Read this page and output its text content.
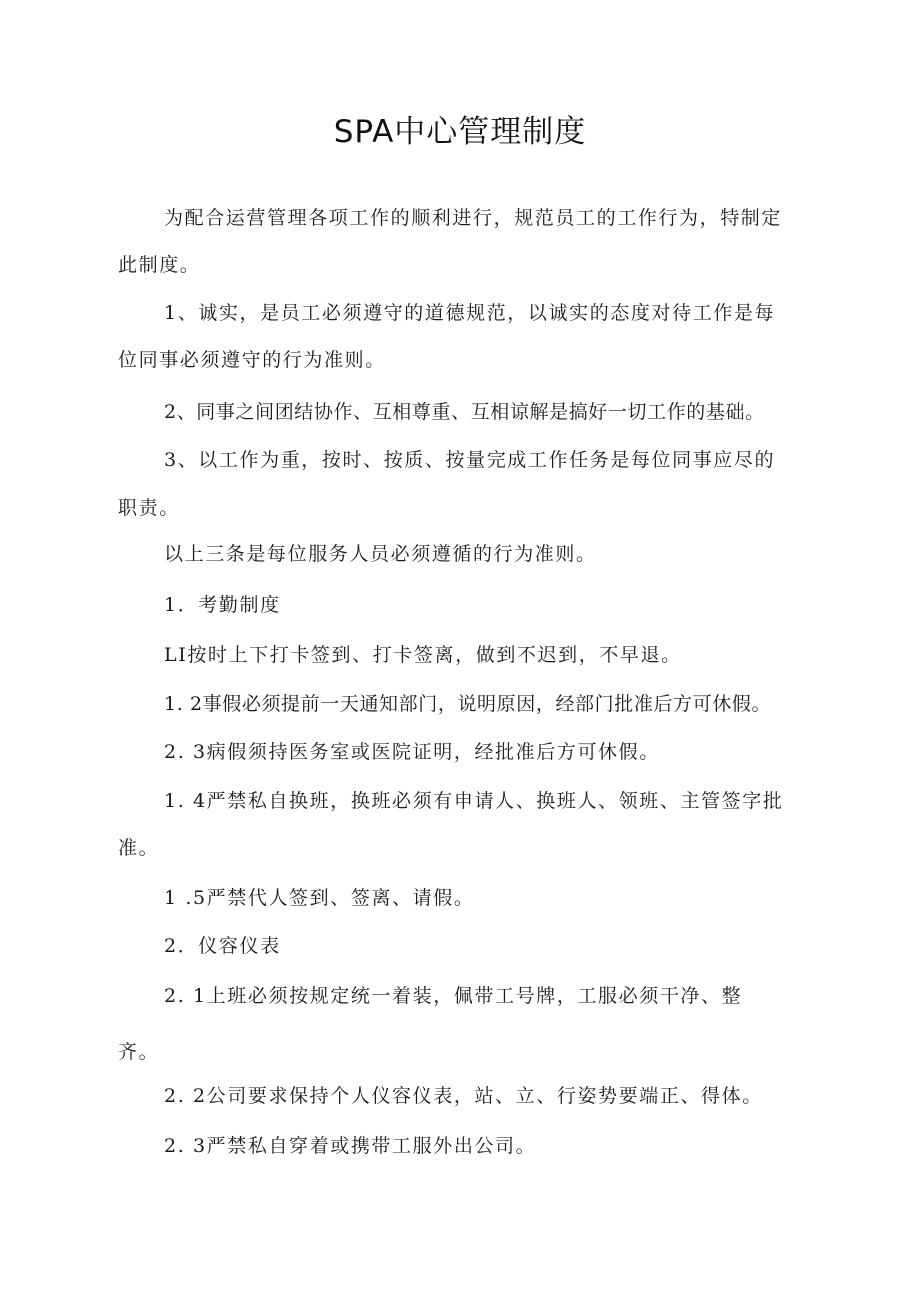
SPA中心管理制度
为配合运营管理各项工作的顺利进行，规范员工的工作行为，特制定
此制度。
1、诚实，是员工必须遵守的道德规范，以诚实的态度对待工作是每
位同事必须遵守的行为准则。
2、同事之间团结协作、互相尊重、互相谅解是搞好一切工作的基础。
3、以工作为重，按时、按质、按量完成工作任务是每位同事应尽的
职责。
以上三条是每位服务人员必须遵循的行为准则。
1．考勤制度
LI按时上下打卡签到、打卡签离，做到不迟到，不早退。
1. 2事假必须提前一天通知部门，说明原因，经部门批准后方可休假。
2. 3病假须持医务室或医院证明，经批准后方可休假。
1. 4严禁私自换班，换班必须有申请人、换班人、领班、主管签字批
准。
1 .5严禁代人签到、签离、请假。
2．仪容仪表
2. 1上班必须按规定统一着装，佩带工号牌，工服必须干净、整
齐。
2. 2公司要求保持个人仪容仪表，站、立、行姿势要端正、得体。
2. 3严禁私自穿着或携带工服外出公司。
